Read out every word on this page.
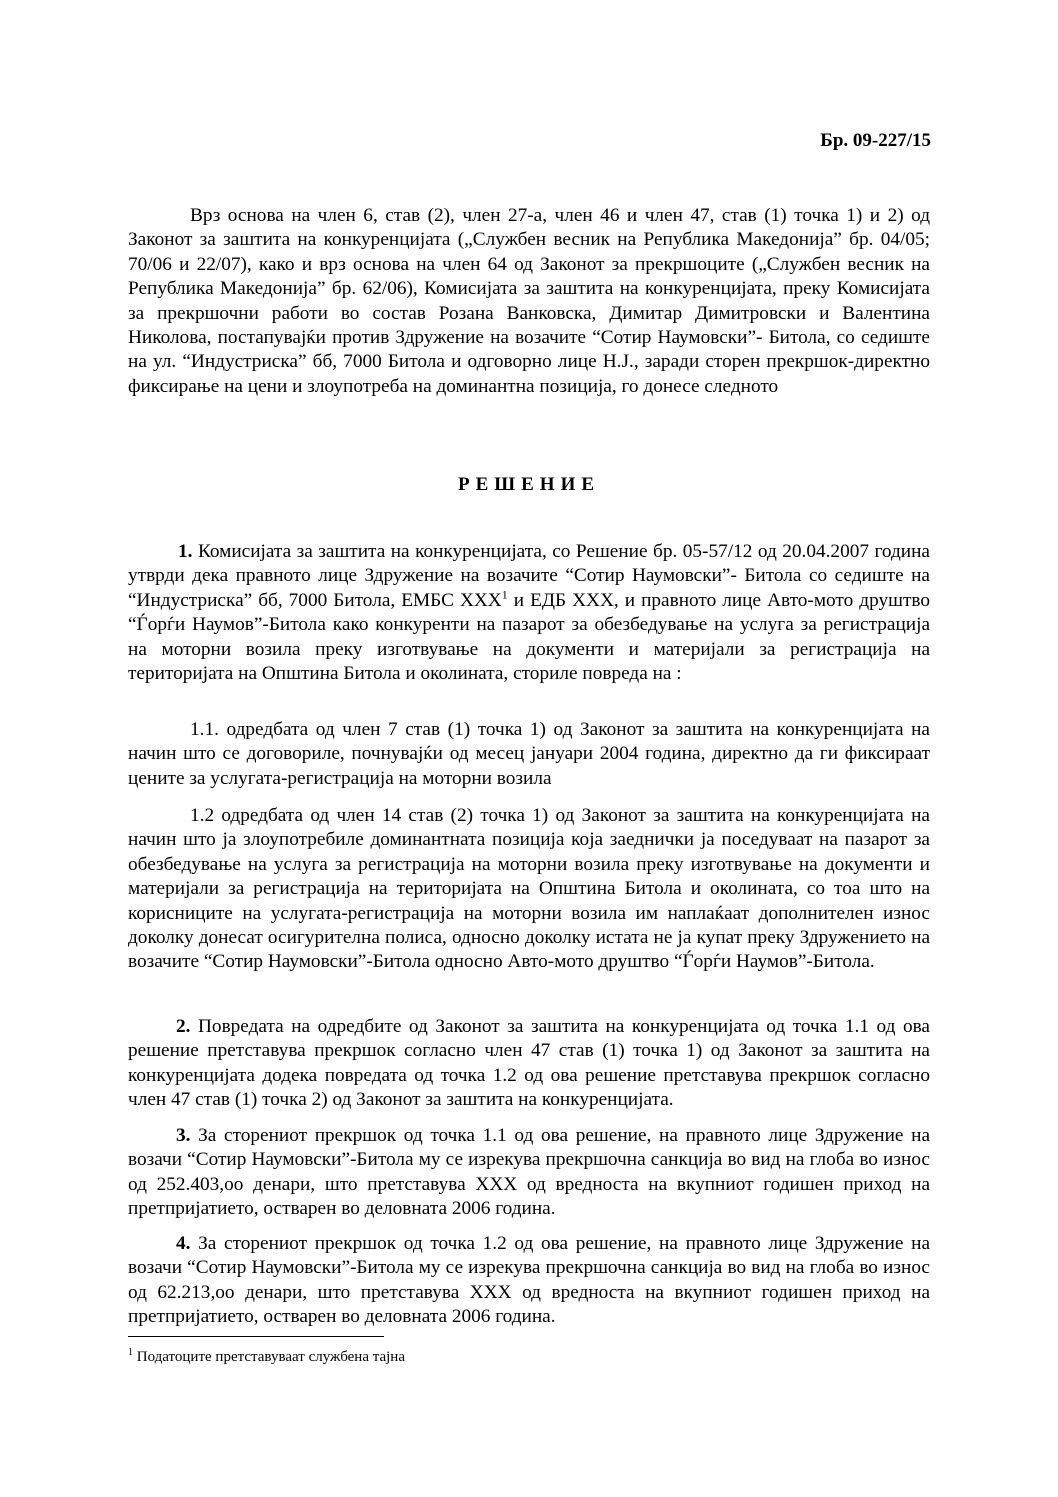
Бр. 09-227/15

Врз основа на член 6, став (2), член 27-а, член 46 и член 47, став (1) точка 1) и 2) од Законот за заштита на конкуренцијата („Службен весник на Република Македонија” бр. 04/05; 70/06 и 22/07), како и врз основа на член 64 од Законот за прекршоците („Службен весник на Република Македонија” бр. 62/06), Комисијата за заштита на конкуренцијата, преку Комисијата за прекршочни работи во состав Розана Ванковска, Димитар Димитровски и Валентина Николова, постапувајќи против Здружение на возачите “Сотир Наумовски”- Битола, со седиште на ул. “Индустриска” бб, 7000 Битола и одговорно лице Н.Ј., заради сторен прекршок-директно фиксирање на цени и злоупотреба на доминантна позиција, го донесе следното

РЕШЕНИЕ

1. Комисијата за заштита на конкуренцијата, со Решение бр. 05-57/12 од 20.04.2007 година утврди дека правното лице Здружение на возачите “Сотир Наумовски”- Битола со седиште на “Индустриска” бб, 7000 Битола, ЕМБС XXX$^1$ и ЕДБ XXX, и правното лице Авто-мото друштво “Ѓорѓи Наумов”-Битола како конкуренти на пазарот за обезбедување на услуга за регистрација на моторни возила преку изготвување на документи и материјали за регистрација на територијата на Општина Битола и околината, сториле повреда на :

1.1. одредбата од член 7 став (1) точка 1) од Законот за заштита на конкуренцијата на начин што се договориле, почнувајќи од месец јануари 2004 година, директно да ги фиксираат цените за услугата-регистрација на моторни возила

1.2 одредбата од член 14 став (2) точка 1) од Законот за заштита на конкуренцијата на начин што ја злоупотребиле доминантната позиција која заеднички ја поседуваат на пазарот за обезбедување на услуга за регистрација на моторни возила преку изготвување на документи и материјали за регистрација на територијата на Општина Битола и околината, со тоа што на корисниците на услугата-регистрација на моторни возила им наплаќаат дополнителен износ доколку донесат осигурителна полиса, односно доколку истата не ја купат преку Здружението на возачите “Сотир Наумовски”-Битола односно Авто-мото друштво “Ѓорѓи Наумов”-Битола.

2. Повредата на одредбите од Законот за заштита на конкуренцијата од точка 1.1 од ова решение претставува прекршок согласно член 47 став (1) точка 1) од Законот за заштита на конкуренцијата додека повредата од точка 1.2 од ова решение претставува прекршок согласно член 47 став (1) точка 2) од Законот за заштита на конкуренцијата.

3. За сторениот прекршок од точка 1.1 од ова решение, на правното лице Здружение на возачи “Сотир Наумовски”-Битола му се изрекува прекршочна санкција во вид на глоба во износ од 252.403,оо денари, што претставува XXX од вредноста на вкупниот годишен приход на претпријатието, остварен во деловната 2006 година.

4. За сторениот прекршок од точка 1.2 од ова решение, на правното лице Здружение на возачи “Сотир Наумовски”-Битола му се изрекува прекршочна санкција во вид на глоба во износ од 62.213,оо денари, што претставува XXX од вредноста на вкупниот годишен приход на претпријатието, остварен во деловната 2006 година.

$^1$ Податоците претставуваат службена тајна
